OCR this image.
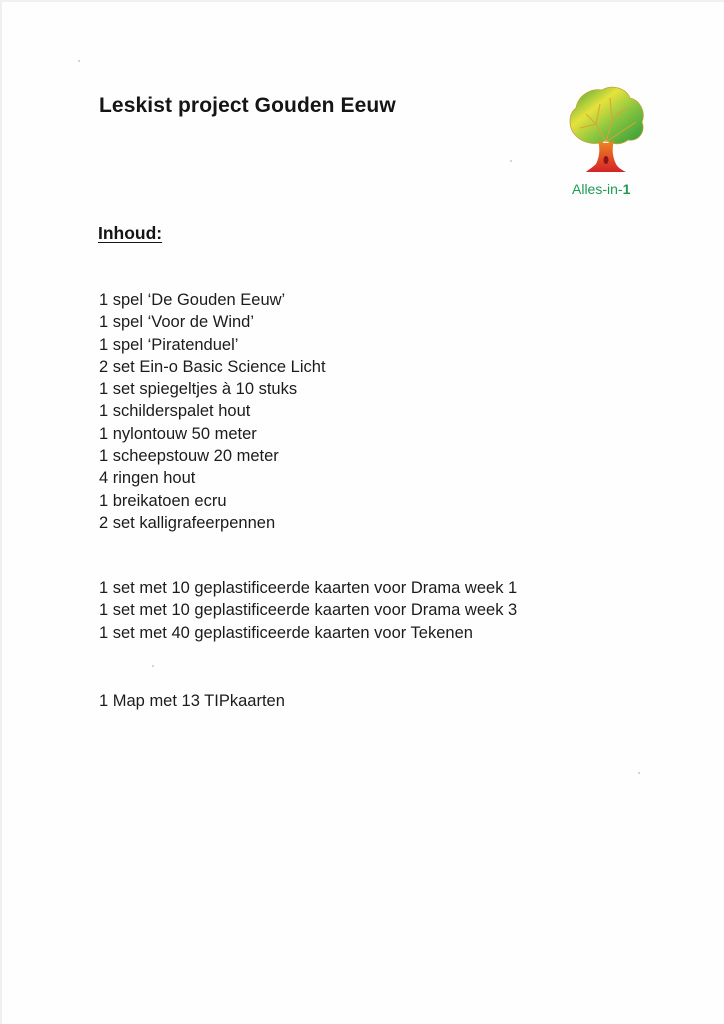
Leskist project Gouden Eeuw
Alles-in-1
Inhoud:
1 spel ‘De Gouden Eeuw’
1 spel ‘Voor de Wind’
1 spel ‘Piratenduel’
2 set Ein-o Basic Science Licht
1 set spiegeltjes à 10 stuks
1 schilderspalet hout
1 nylontouw 50 meter
1 scheepstouw 20 meter
4 ringen hout
1 breikatoen ecru
2 set kalligrafeerpennen
1 set met 10 geplastificeerde kaarten voor Drama week 1
1 set met 10 geplastificeerde kaarten voor Drama week 3
1 set met 40 geplastificeerde kaarten voor Tekenen
1 Map met 13 TIPkaarten
